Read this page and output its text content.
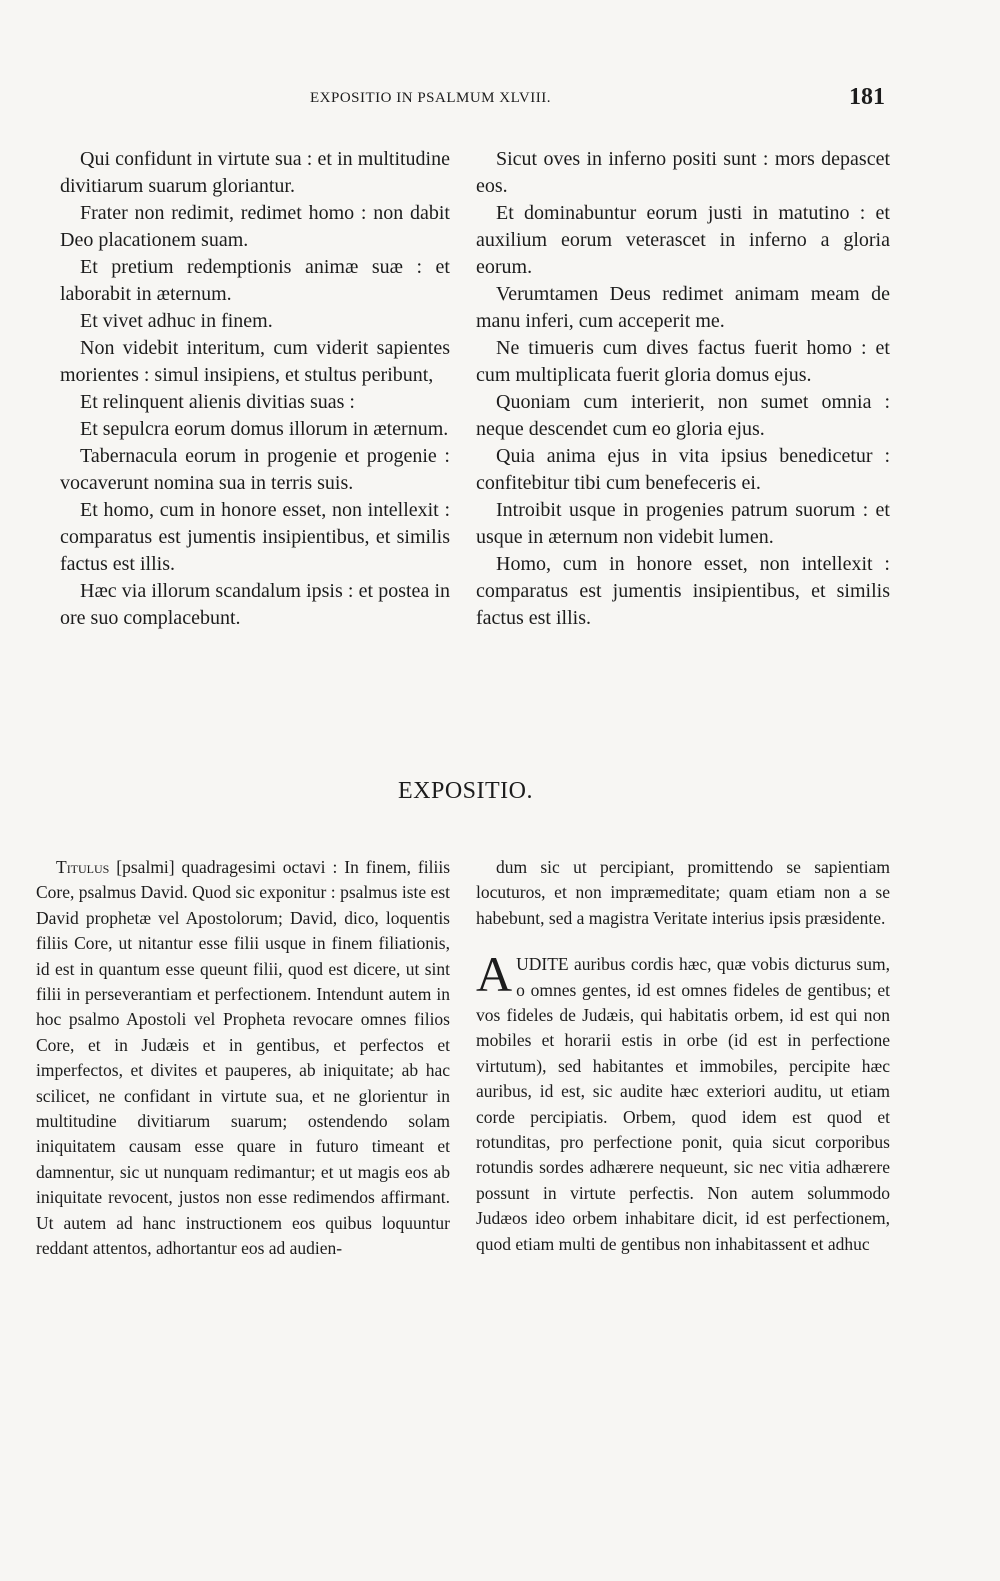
EXPOSITIO IN PSALMUM XLVIII.	181

Qui confidunt in virtute sua : et in multitudine divitiarum suarum gloriantur.

Frater non redimit, redimet homo : non dabit Deo placationem suam.

Et pretium redemptionis animæ suæ : et laborabit in æternum.

Et vivet adhuc in finem.

Non videbit interitum, cum viderit sapientes morientes : simul insipiens, et stultus peribunt,

Et relinquent alienis divitias suas :

Et sepulcra eorum domus illorum in æternum.

Tabernacula eorum in progenie et progenie : vocaverunt nomina sua in terris suis.

Et homo, cum in honore esset, non intellexit : comparatus est jumentis insipientibus, et similis factus est illis.

Hæc via illorum scandalum ipsis : et postea in ore suo complacebunt.

Sicut oves in inferno positi sunt : mors depascet eos.

Et dominabuntur eorum justi in matutino : et auxilium eorum veterascet in inferno a gloria eorum.

Verumtamen Deus redimet animam meam de manu inferi, cum acceperit me.

Ne timueris cum dives factus fuerit homo : et cum multiplicata fuerit gloria domus ejus.

Quoniam cum interierit, non sumet omnia : neque descendet cum eo gloria ejus.

Quia anima ejus in vita ipsius benedicetur : confitebitur tibi cum benefeceris ei.

Introibit usque in progenies patrum suorum : et usque in æternum non videbit lumen.

Homo, cum in honore esset, non intellexit : comparatus est jumentis insipientibus, et similis factus est illis.

EXPOSITIO.

Titulus [psalmi] quadragesimi octavi : In finem, filiis Core, psalmus David. Quod sic exponitur : psalmus iste est David prophetæ vel Apostolorum; David, dico, loquentis filiis Core, ut nitantur esse filii usque in finem filiationis, id est in quantum esse queunt filii, quod est dicere, ut sint filii in perseverantiam et perfectionem. Intendunt autem in hoc psalmo Apostoli vel Propheta revocare omnes filios Core, et in Judæis et in gentibus, et perfectos et imperfectos, et divites et pauperes, ab iniquitate; ab hac scilicet, ne confidant in virtute sua, et ne glorientur in multitudine divitiarum suarum; ostendendo solam iniquitatem causam esse quare in futuro timeant et damnentur, sic ut nunquam redimantur; et ut magis eos ab iniquitate revocent, justos non esse redimendos affirmant. Ut autem ad hanc instructionem eos quibus loquuntur reddant attentos, adhortantur eos ad audien-

dum sic ut percipiant, promittendo se sapientiam locuturos, et non impræmeditate; quam etiam non a se habebunt, sed a magistra Veritate interius ipsis præsidente.

AUDITE auribus cordis hæc, quæ vobis dicturus sum, o omnes gentes, id est omnes fideles de gentibus; et vos fideles de Judæis, qui habitatis orbem, id est qui non mobiles et horarii estis in orbe (id est in perfectione virtutum), sed habitantes et immobiles, percipite hæc auribus, id est, sic audite hæc exteriori auditu, ut etiam corde percipiatis. Orbem, quod idem est quod et rotunditas, pro perfectione ponit, quia sicut corporibus rotundis sordes adhærere nequeunt, sic nec vitia adhærere possunt in virtute perfectis. Non autem solummodo Judæos ideo orbem inhabitare dicit, id est perfectionem, quod etiam multi de gentibus non inhabitassent et adhuc
